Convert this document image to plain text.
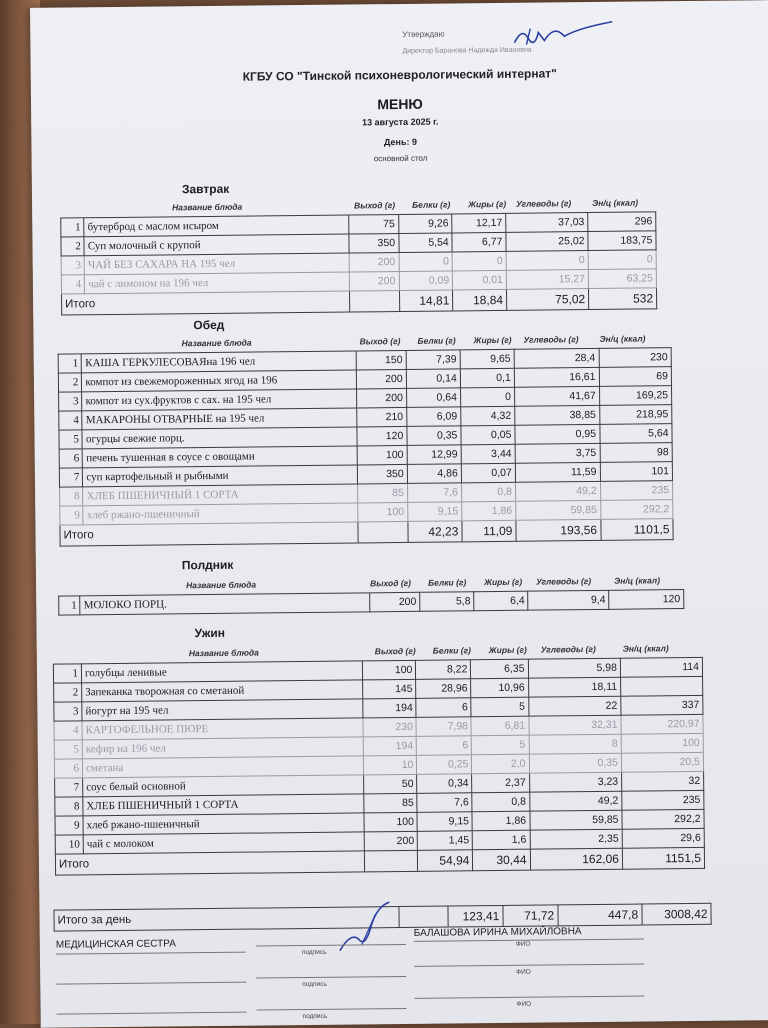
Утверждаю
Директор Баранова Надежда Ивановна
КГБУ СО "Тинской психоневрологический интернат"
МЕНЮ
13 августа 2025 г.
День: 9
основной стол
Завтрак
Название блюда	Выход (г) Белки (г) Жиры (г) Углеводы (г) Эн/ц (ккал)
1	бутерброд с маслом исыром	75	9,26	12,17	37,03	296
2	Суп молочный с крупой	350	5,54	6,77	25,02	183,75
3	ЧАЙ БЕЗ САХАРА НА 195 чел	200	0	0	0	0
4	чай с лимоном на 196 чел	200	0,09	0,01	15,27	63,25
Итого			14,81	18,84	75,02	532
Обед
Название блюда	Выход (г) Белки (г) Жиры (г) Углеводы (г) Эн/ц (ккал)
1	КАША ГЕРКУЛЕСОВАЯна 196 чел	150	7,39	9,65	28,4	230
2	компот из свежемороженных ягод на 196	200	0,14	0,1	16,61	69
3	компот из сух.фруктов с сах. на 195 чел	200	0,64	0	41,67	169,25
4	МАКАРОНЫ ОТВАРНЫЕ на 195 чел	210	6,09	4,32	38,85	218,95
5	огурцы свежие порц.	120	0,35	0,05	0,95	5,64
6	печень тушенная в соусе с овощами	100	12,99	3,44	3,75	98
7	суп картофельный и рыбными	350	4,86	0,07	11,59	101
8	ХЛЕБ ПШЕНИЧНЫЙ 1 СОРТА	85	7,6	0,8	49,2	235
9	хлеб ржано-пшеничный	100	9,15	1,86	59,85	292,2
Итого			42,23	11,09	193,56	1101,5
Полдник
Название блюда	Выход (г) Белки (г) Жиры (г) Углеводы (г)	Эн/ц (ккал)
1	МОЛОКО ПОРЦ.	200	5,8	6,4	9,4	120
Ужин
Название блюда	Выход (г) Белки (г) Жиры (г) Углеводы (г)	Эн/ц (ккал)
1	голубцы ленивые	100	8,22	6,35	5,98	114
2	Запеканка творожная со сметаной	145	28,96	10,96	18,11	
3	йогурт на 195 чел	194	6	5	22	337
4	КАРТОФЕЛЬНОЕ ПЮРЕ	230	7,98	6,81	32,31	220,97
5	кефир на 196 чел	194	6	5	8	100
6	сметана	10	0,25	2,0	0,35	20,5
7	соус белый основной	50	0,34	2,37	3,23	32
8	ХЛЕБ ПШЕНИЧНЫЙ 1 СОРТА	85	7,6	0,8	49,2	235
9	хлеб ржано-пшеничный	100	9,15	1,86	59,85	292,2
10	чай с молоком	200	1,45	1,6	2,35	29,6
Итого			54,94	30,44	162,06	1151,5
Итого за день		123,41	71,72	447,8	3008,42
МЕДИЦИНСКАЯ СЕСТРА
подпись
БАЛАШОВА ИРИНА МИХАЙЛОВНА
ФИО
подпись
ФИО
подпись
ФИО
